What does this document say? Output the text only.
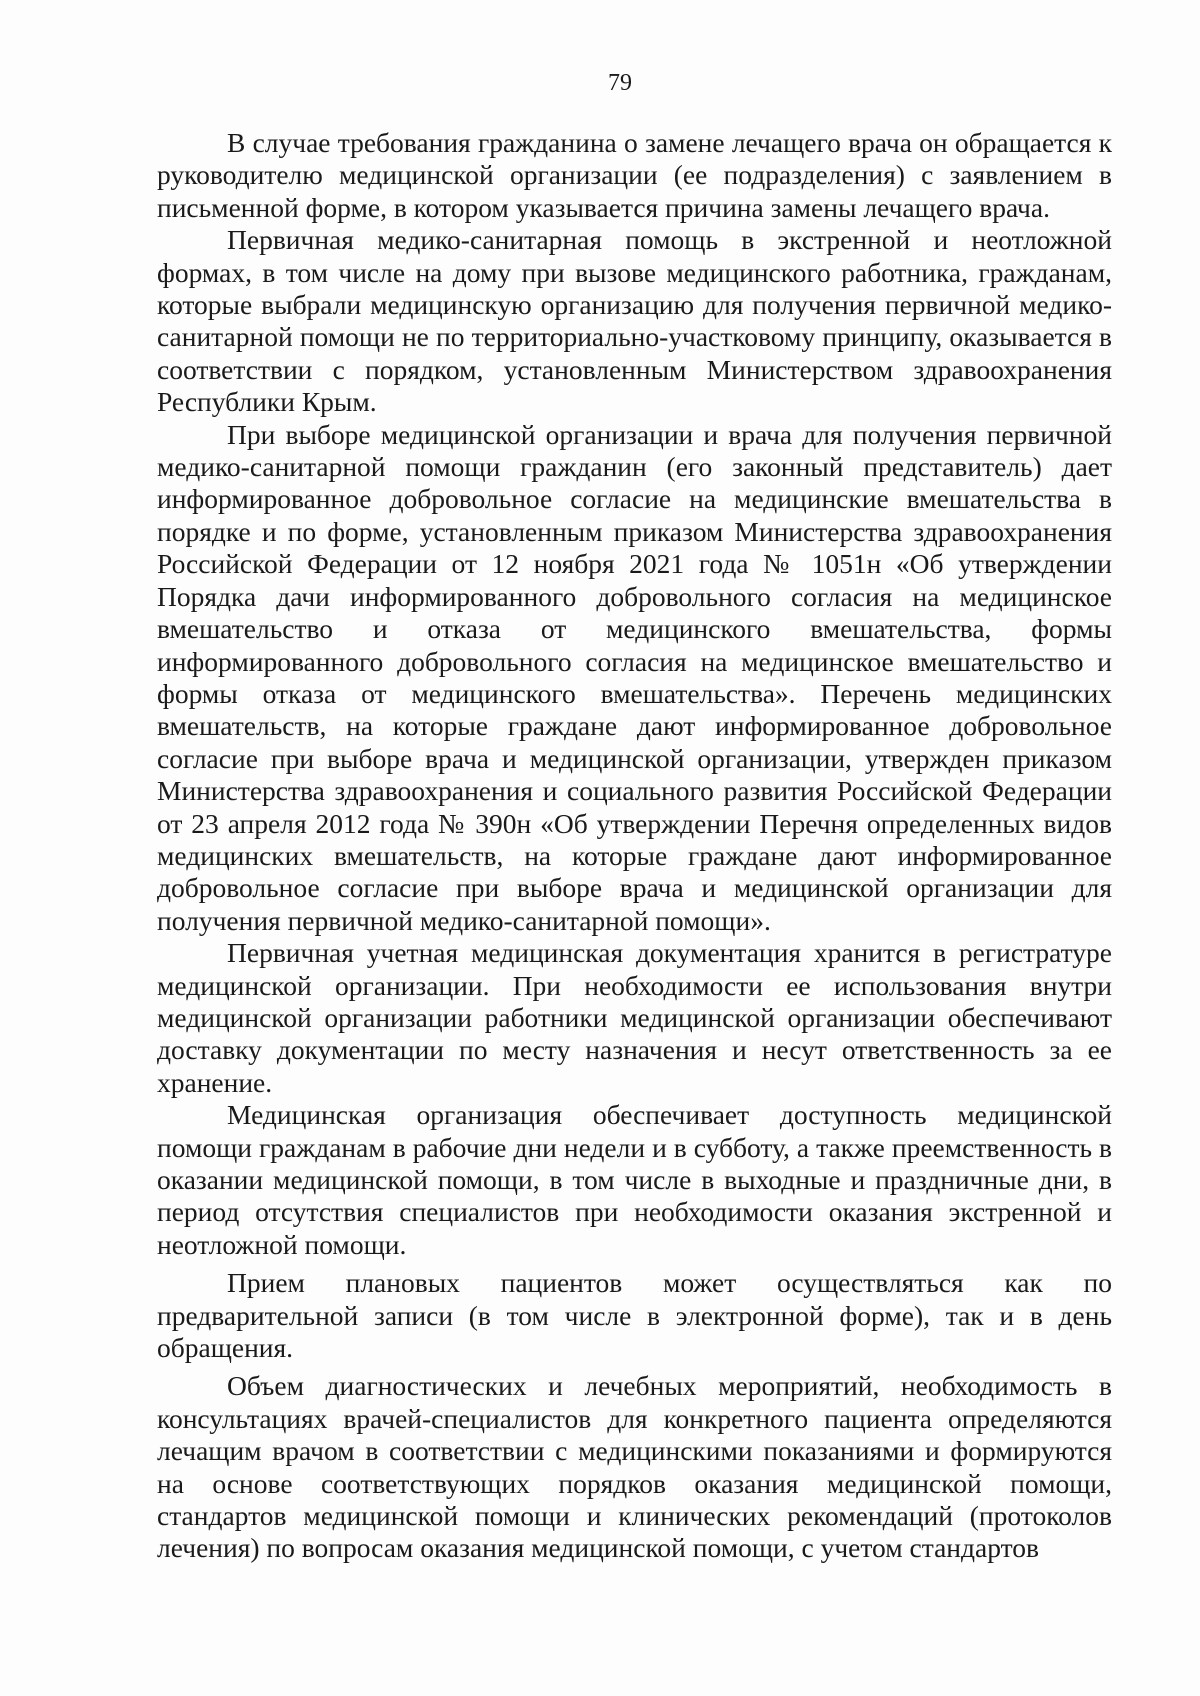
79

В случае требования гражданина о замене лечащего врача он обращается к руководителю медицинской организации (ее подразделения) с заявлением в письменной форме, в котором указывается причина замены лечащего врача.

Первичная медико-санитарная помощь в экстренной и неотложной формах, в том числе на дому при вызове медицинского работника, гражданам, которые выбрали медицинскую организацию для получения первичной медико-санитарной помощи не по территориально-участковому принципу, оказывается в соответствии с порядком, установленным Министерством здравоохранения Республики Крым.

При выборе медицинской организации и врача для получения первичной медико-санитарной помощи гражданин (его законный представитель) дает информированное добровольное согласие на медицинские вмешательства в порядке и по форме, установленным приказом Министерства здравоохранения Российской Федерации от 12 ноября 2021 года № 1051н «Об утверждении Порядка дачи информированного добровольного согласия на медицинское вмешательство и отказа от медицинского вмешательства, формы информированного добровольного согласия на медицинское вмешательство и формы отказа от медицинского вмешательства». Перечень медицинских вмешательств, на которые граждане дают информированное добровольное согласие при выборе врача и медицинской организации, утвержден приказом Министерства здравоохранения и социального развития Российской Федерации от 23 апреля 2012 года № 390н «Об утверждении Перечня определенных видов медицинских вмешательств, на которые граждане дают информированное добровольное согласие при выборе врача и медицинской организации для получения первичной медико-санитарной помощи».

Первичная учетная медицинская документация хранится в регистратуре медицинской организации. При необходимости ее использования внутри медицинской организации работники медицинской организации обеспечивают доставку документации по месту назначения и несут ответственность за ее хранение.

Медицинская организация обеспечивает доступность медицинской помощи гражданам в рабочие дни недели и в субботу, а также преемственность в оказании медицинской помощи, в том числе в выходные и праздничные дни, в период отсутствия специалистов при необходимости оказания экстренной и неотложной помощи.

Прием плановых пациентов может осуществляться как по предварительной записи (в том числе в электронной форме), так и в день обращения.

Объем диагностических и лечебных мероприятий, необходимость в консультациях врачей-специалистов для конкретного пациента определяются лечащим врачом в соответствии с медицинскими показаниями и формируются на основе соответствующих порядков оказания медицинской помощи, стандартов медицинской помощи и клинических рекомендаций (протоколов лечения) по вопросам оказания медицинской помощи, с учетом стандартов
